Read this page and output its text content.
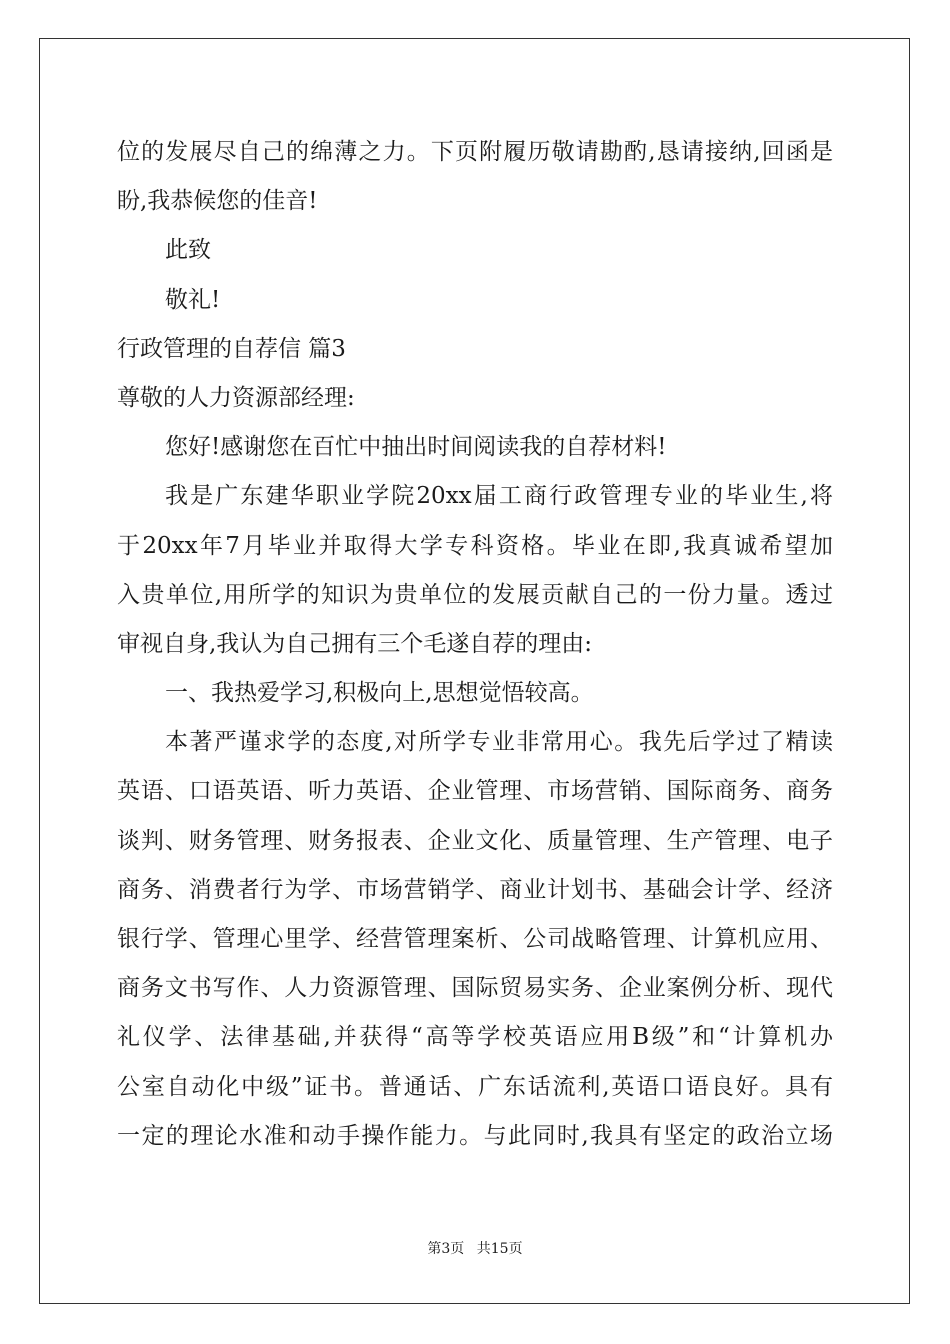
位的发展尽自己的绵薄之力。下页附履历敬请勘酌,恳请接纳,回函是
盼,我恭候您的佳音!
此致
敬礼!
行政管理的自荐信 篇3
尊敬的人力资源部经理:
您好!感谢您在百忙中抽出时间阅读我的自荐材料!
我是广东建华职业学院20xx届工商行政管理专业的毕业生,将
于20xx年7月毕业并取得大学专科资格。毕业在即,我真诚希望加
入贵单位,用所学的知识为贵单位的发展贡献自己的一份力量。透过
审视自身,我认为自己拥有三个毛遂自荐的理由:
一、我热爱学习,积极向上,思想觉悟较高。
本著严谨求学的态度,对所学专业非常用心。我先后学过了精读
英语、口语英语、听力英语、企业管理、市场营销、国际商务、商务
谈判、财务管理、财务报表、企业文化、质量管理、生产管理、电子
商务、消费者行为学、市场营销学、商业计划书、基础会计学、经济
银行学、管理心里学、经营管理案析、公司战略管理、计算机应用、
商务文书写作、人力资源管理、国际贸易实务、企业案例分析、现代
礼仪学、法律基础,并获得“高等学校英语应用B级”和“计算机办
公室自动化中级”证书。普通话、广东话流利,英语口语良好。具有
一定的理论水准和动手操作能力。与此同时,我具有坚定的政治立场
第3页 共15页
